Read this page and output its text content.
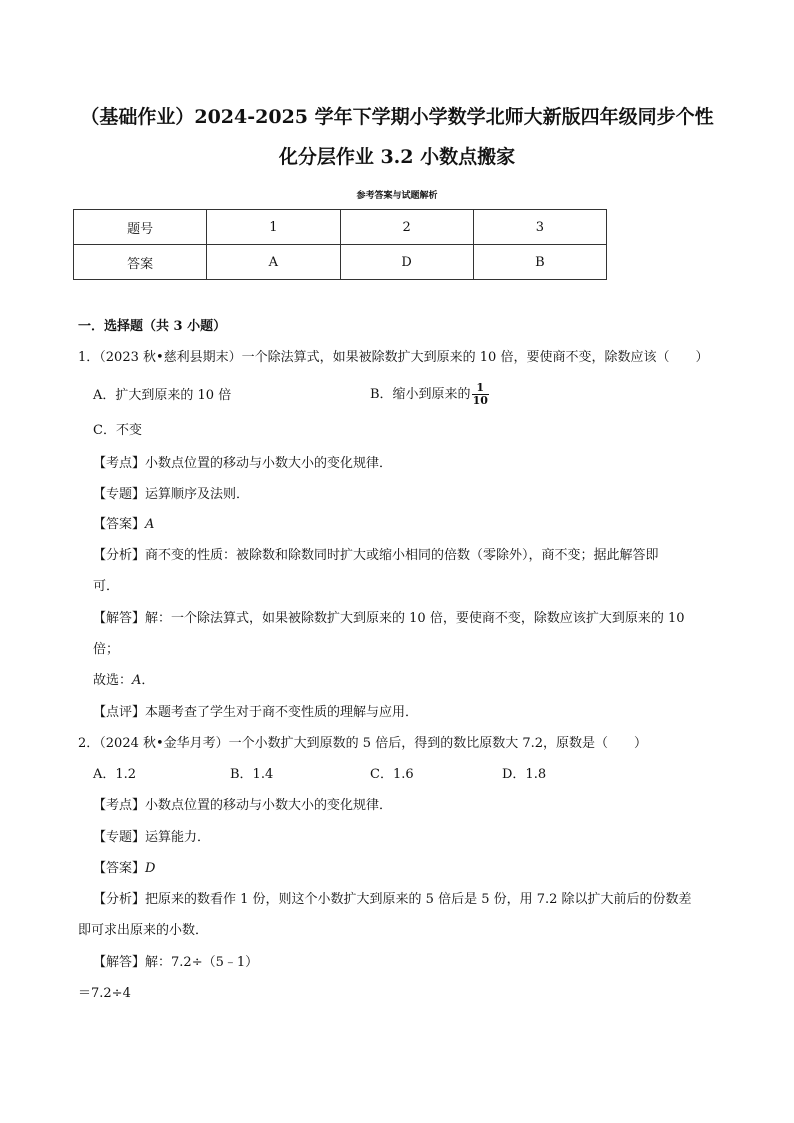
（基础作业）2024-2025 学年下学期小学数学北师大新版四年级同步个性
化分层作业 3.2 小数点搬家
参考答案与试题解析
题号	1	2	3
答案	A	D	B
一．选择题（共 3 小题）
1．（2023 秋•慈利县期末）一个除法算式，如果被除数扩大到原来的 10 倍，要使商不变，除数应该（　　）
A．扩大到原来的 10 倍	B．缩小到原来的 $\frac{1}{10}$
C．不变
【考点】小数点位置的移动与小数大小的变化规律．
【专题】运算顺序及法则．
【答案】A
【分析】商不变的性质：被除数和除数同时扩大或缩小相同的倍数（零除外），商不变；据此解答即
可．
【解答】解：一个除法算式，如果被除数扩大到原来的 10 倍，要使商不变，除数应该扩大到原来的 10
倍；
故选：A．
【点评】本题考查了学生对于商不变性质的理解与应用．
2．（2024 秋•金华月考）一个小数扩大到原数的 5 倍后，得到的数比原数大 7.2，原数是（　　）
A．1.2	B．1.4	C．1.6	D．1.8
【考点】小数点位置的移动与小数大小的变化规律．
【专题】运算能力．
【答案】D
【分析】把原来的数看作 1 份，则这个小数扩大到原来的 5 倍后是 5 份，用 7.2 除以扩大前后的份数差
即可求出原来的小数．
【解答】解：7.2÷（5﹣1）
＝7.2÷4
